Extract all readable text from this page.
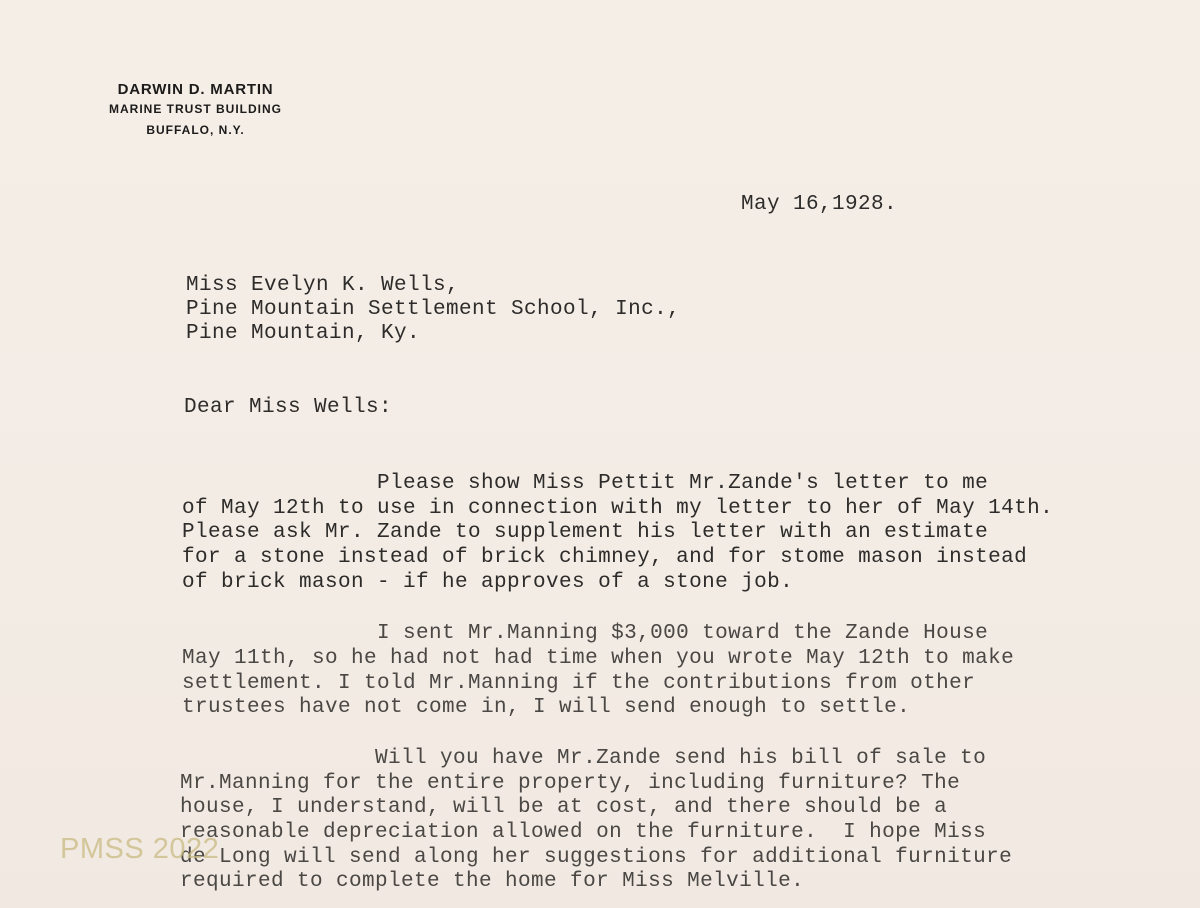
DARWIN D. MARTIN
MARINE TRUST BUILDING
BUFFALO, N.Y.
May 16,1928.
Miss Evelyn K. Wells,
Pine Mountain Settlement School, Inc.,
Pine Mountain, Ky.
Dear Miss Wells:
Please show Miss Pettit Mr.Zande's letter to me
of May 12th to use in connection with my letter to her of May 14th.
Please ask Mr. Zande to supplement his letter with an estimate
for a stone instead of brick chimney, and for stome mason instead
of brick mason - if he approves of a stone job.
I sent Mr.Manning $3,000 toward the Zande House
May 11th, so he had not had time when you wrote May 12th to make
settlement. I told Mr.Manning if the contributions from other
trustees have not come in, I will send enough to settle.
Will you have Mr.Zande send his bill of sale to
Mr.Manning for the entire property, including furniture? The
house, I understand, will be at cost, and there should be a
reasonable depreciation allowed on the furniture.  I hope Miss
de Long will send along her suggestions for additional furniture
required to complete the home for Miss Melville.
PMSS 2022
